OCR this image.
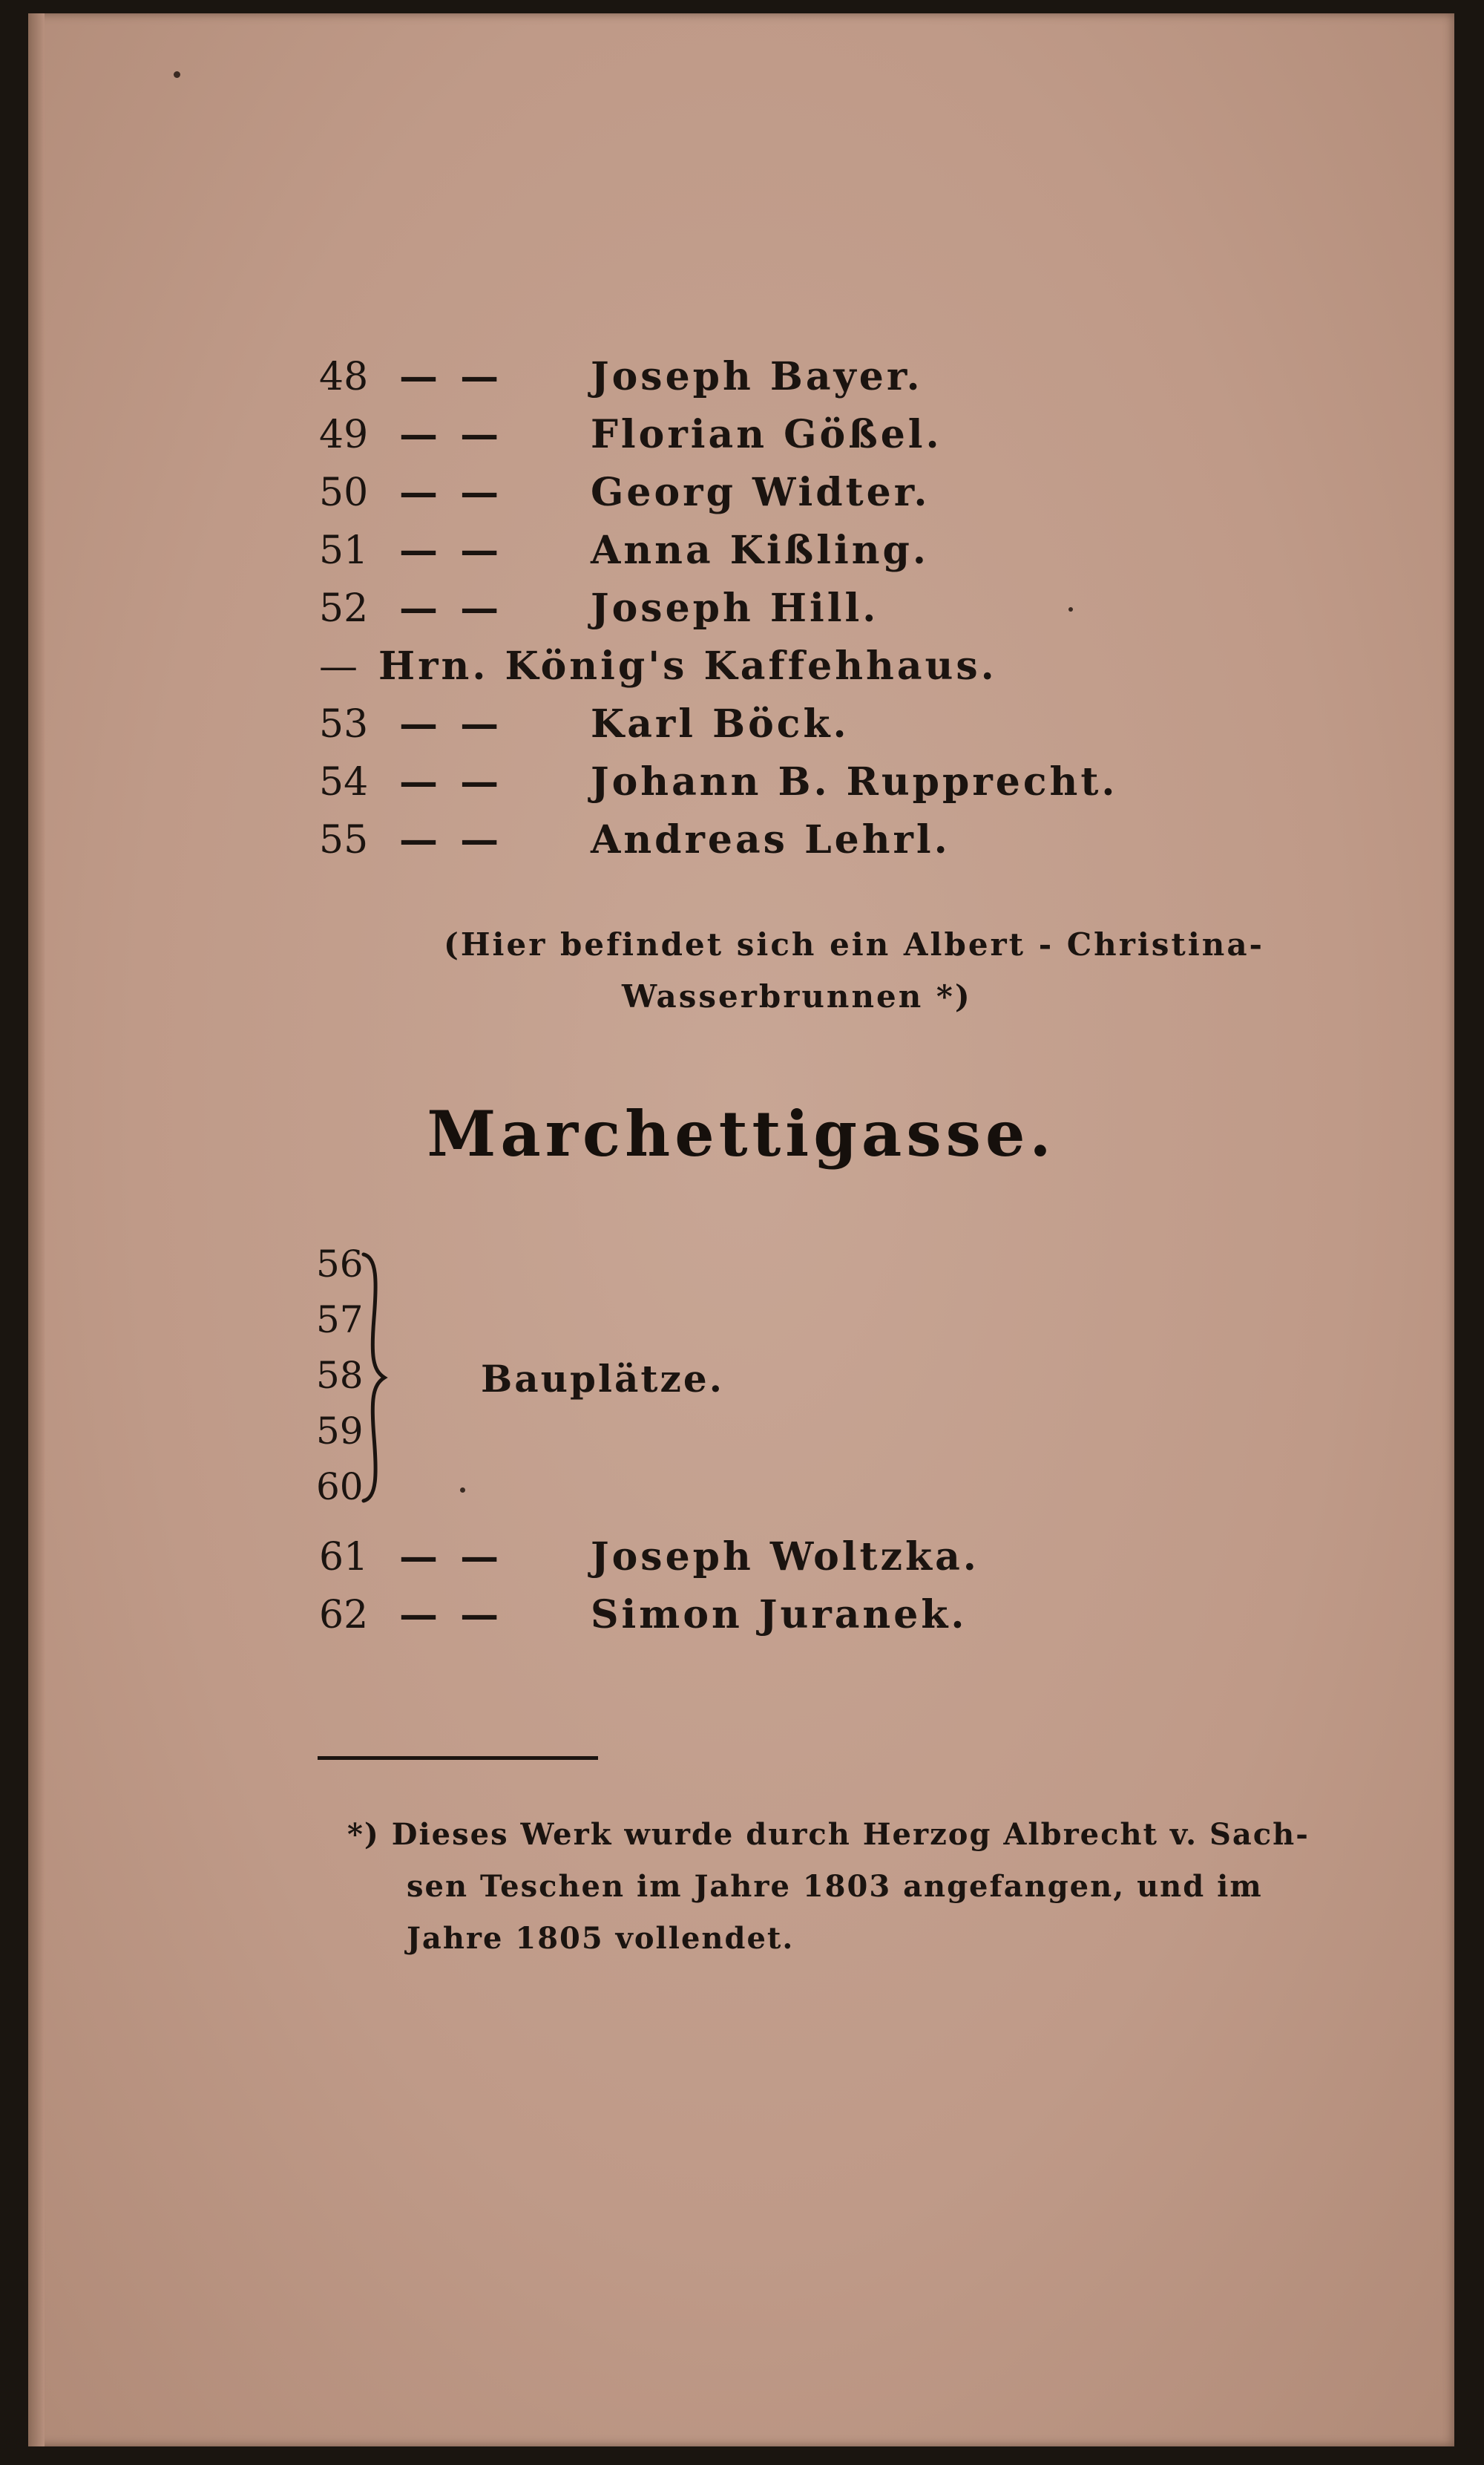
48 — — Joseph Bayer.
49 — — Florian Gößel.
50 — — Georg Widter.
51 — — Anna Kißling.
52 — — Joseph Hill.
— Hrn. König's Kaffehhaus.
53 — — Karl Böck.
54 — — Johann B. Rupprecht.
55 — — Andreas Lehrl.
(Hier befindet sich ein Albert - Christina-
Wasserbrunnen *)
Marchettigasse.
56
57
58
59
60
Bauplätze.
61 — — Joseph Woltzka.
62 — — Simon Juranek.
*) Dieses Werk wurde durch Herzog Albrecht v. Sach-
sen Teschen im Jahre 1803 angefangen, und im
Jahre 1805 vollendet.
